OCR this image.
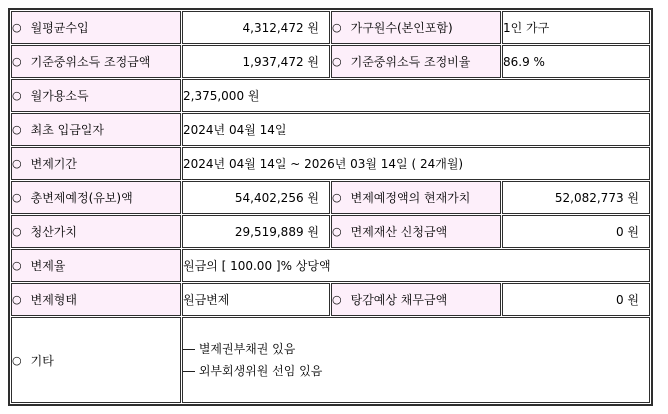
○ 월평균수입	4,312,472 원	○ 가구원수(본인포함)	1인 가구
○ 기준중위소득 조정금액	1,937,472 원	○ 기준중위소득 조정비율	86.9 %
○ 월가용소득	2,375,000 원		
○ 최초 입금일자	2024년 04월 14일		
○ 변제기간	2024년 04월 14일 ~ 2026년 03월 14일 ( 24개월)		
○ 총변제예정(유보)액	54,402,256 원	○ 변제예정액의 현재가치	52,082,773 원
○ 청산가치	29,519,889 원	○ 면제재산 신청금액	0 원
○ 변제율	원금의 [ 100.00 ]% 상당액		
○ 변제형태	원금변제	○ 탕감예상 채무금액	0 원
○ 기타	― 별제권부채권 있음
― 외부회생위원 선임 있음		
